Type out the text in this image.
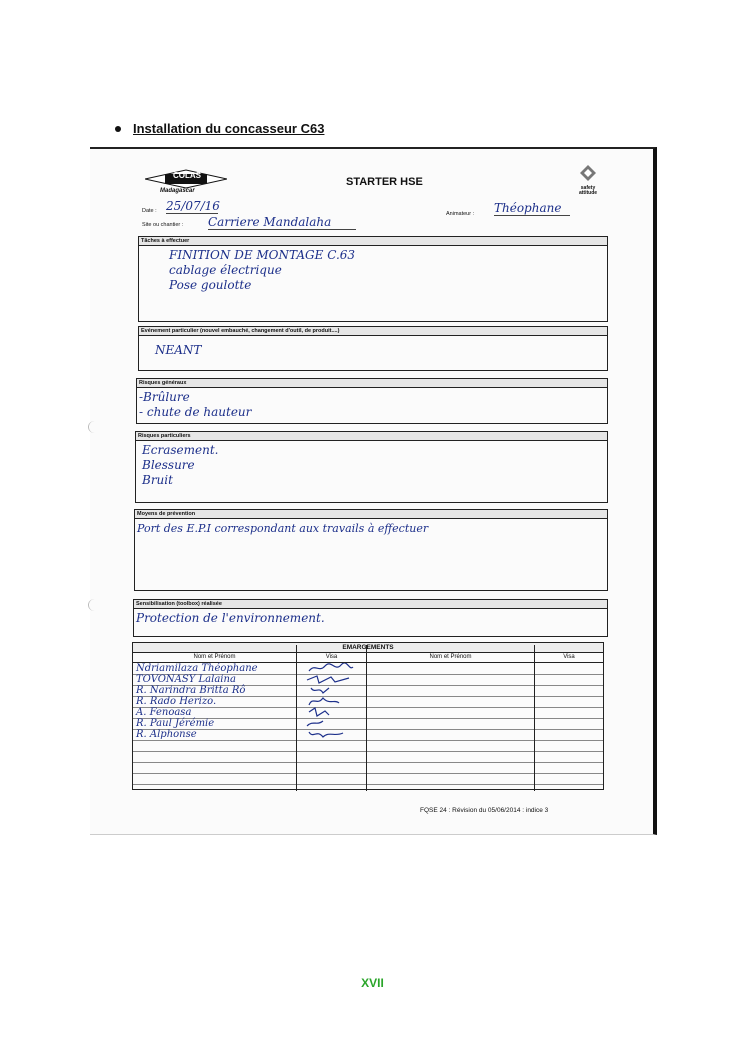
Installation du concasseur C63
COLAS
Madagascar
STARTER HSE	safety attitude
Date : 25/07/16
Site ou chantier : Carriere Mandalaha
Animateur : Théophane
Tâches à effectuer
FINITION DE MONTAGE C.63
cablage électrique
Pose goulotte
Evénement particulier (nouvel embauché, changement d'outil, de produit....)
NEANT
Risques généraux
-Brûlure
- chute de hauteur
Risques particuliers
Ecrasement.
Blessure
Bruit
Moyens de prévention
Port des E.P.I correspondant aux travails à effectuer
Sensibilisation (toolbox) réalisée
Protection de l'environnement.
EMARGEMENTS
Nom et Prénom	Visa	Nom et Prénom	Visa
Ndriamilaza Théophane
TOVONASY Lalaina
R. Narindra Britta Rô
R. Rado Herizo.
A. Fenoasa
R. Paul Jérémie
R. Alphonse
FQSE 24 : Révision du 05/06/2014 : indice 3
XVII
